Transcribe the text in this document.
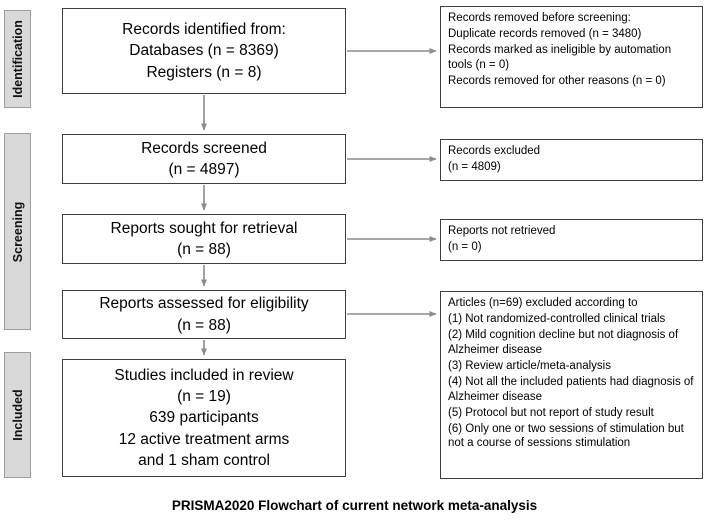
Identification
Screening
Included
Records identified from:
Databases (n = 8369)
Registers (n = 8)
Records screened
(n = 4897)
Reports sought for retrieval
(n = 88)
Reports assessed for eligibility
(n = 88)
Studies included in review
(n = 19)
639 participants
12 active treatment arms
and 1 sham control
Records removed before screening:
Duplicate records removed (n = 3480)
Records marked as ineligible by automation tools (n = 0)
Records removed for other reasons (n = 0)
Records excluded
(n = 4809)
Reports not retrieved
(n = 0)
Articles (n=69) excluded according to
(1) Not randomized-controlled clinical trials
(2) Mild cognition decline but not diagnosis of Alzheimer disease
(3) Review article/meta-analysis
(4) Not all the included patients had diagnosis of Alzheimer disease
(5) Protocol but not report of study result
(6) Only one or two sessions of stimulation but not a course of sessions stimulation
PRISMA2020 Flowchart of current network meta-analysis
